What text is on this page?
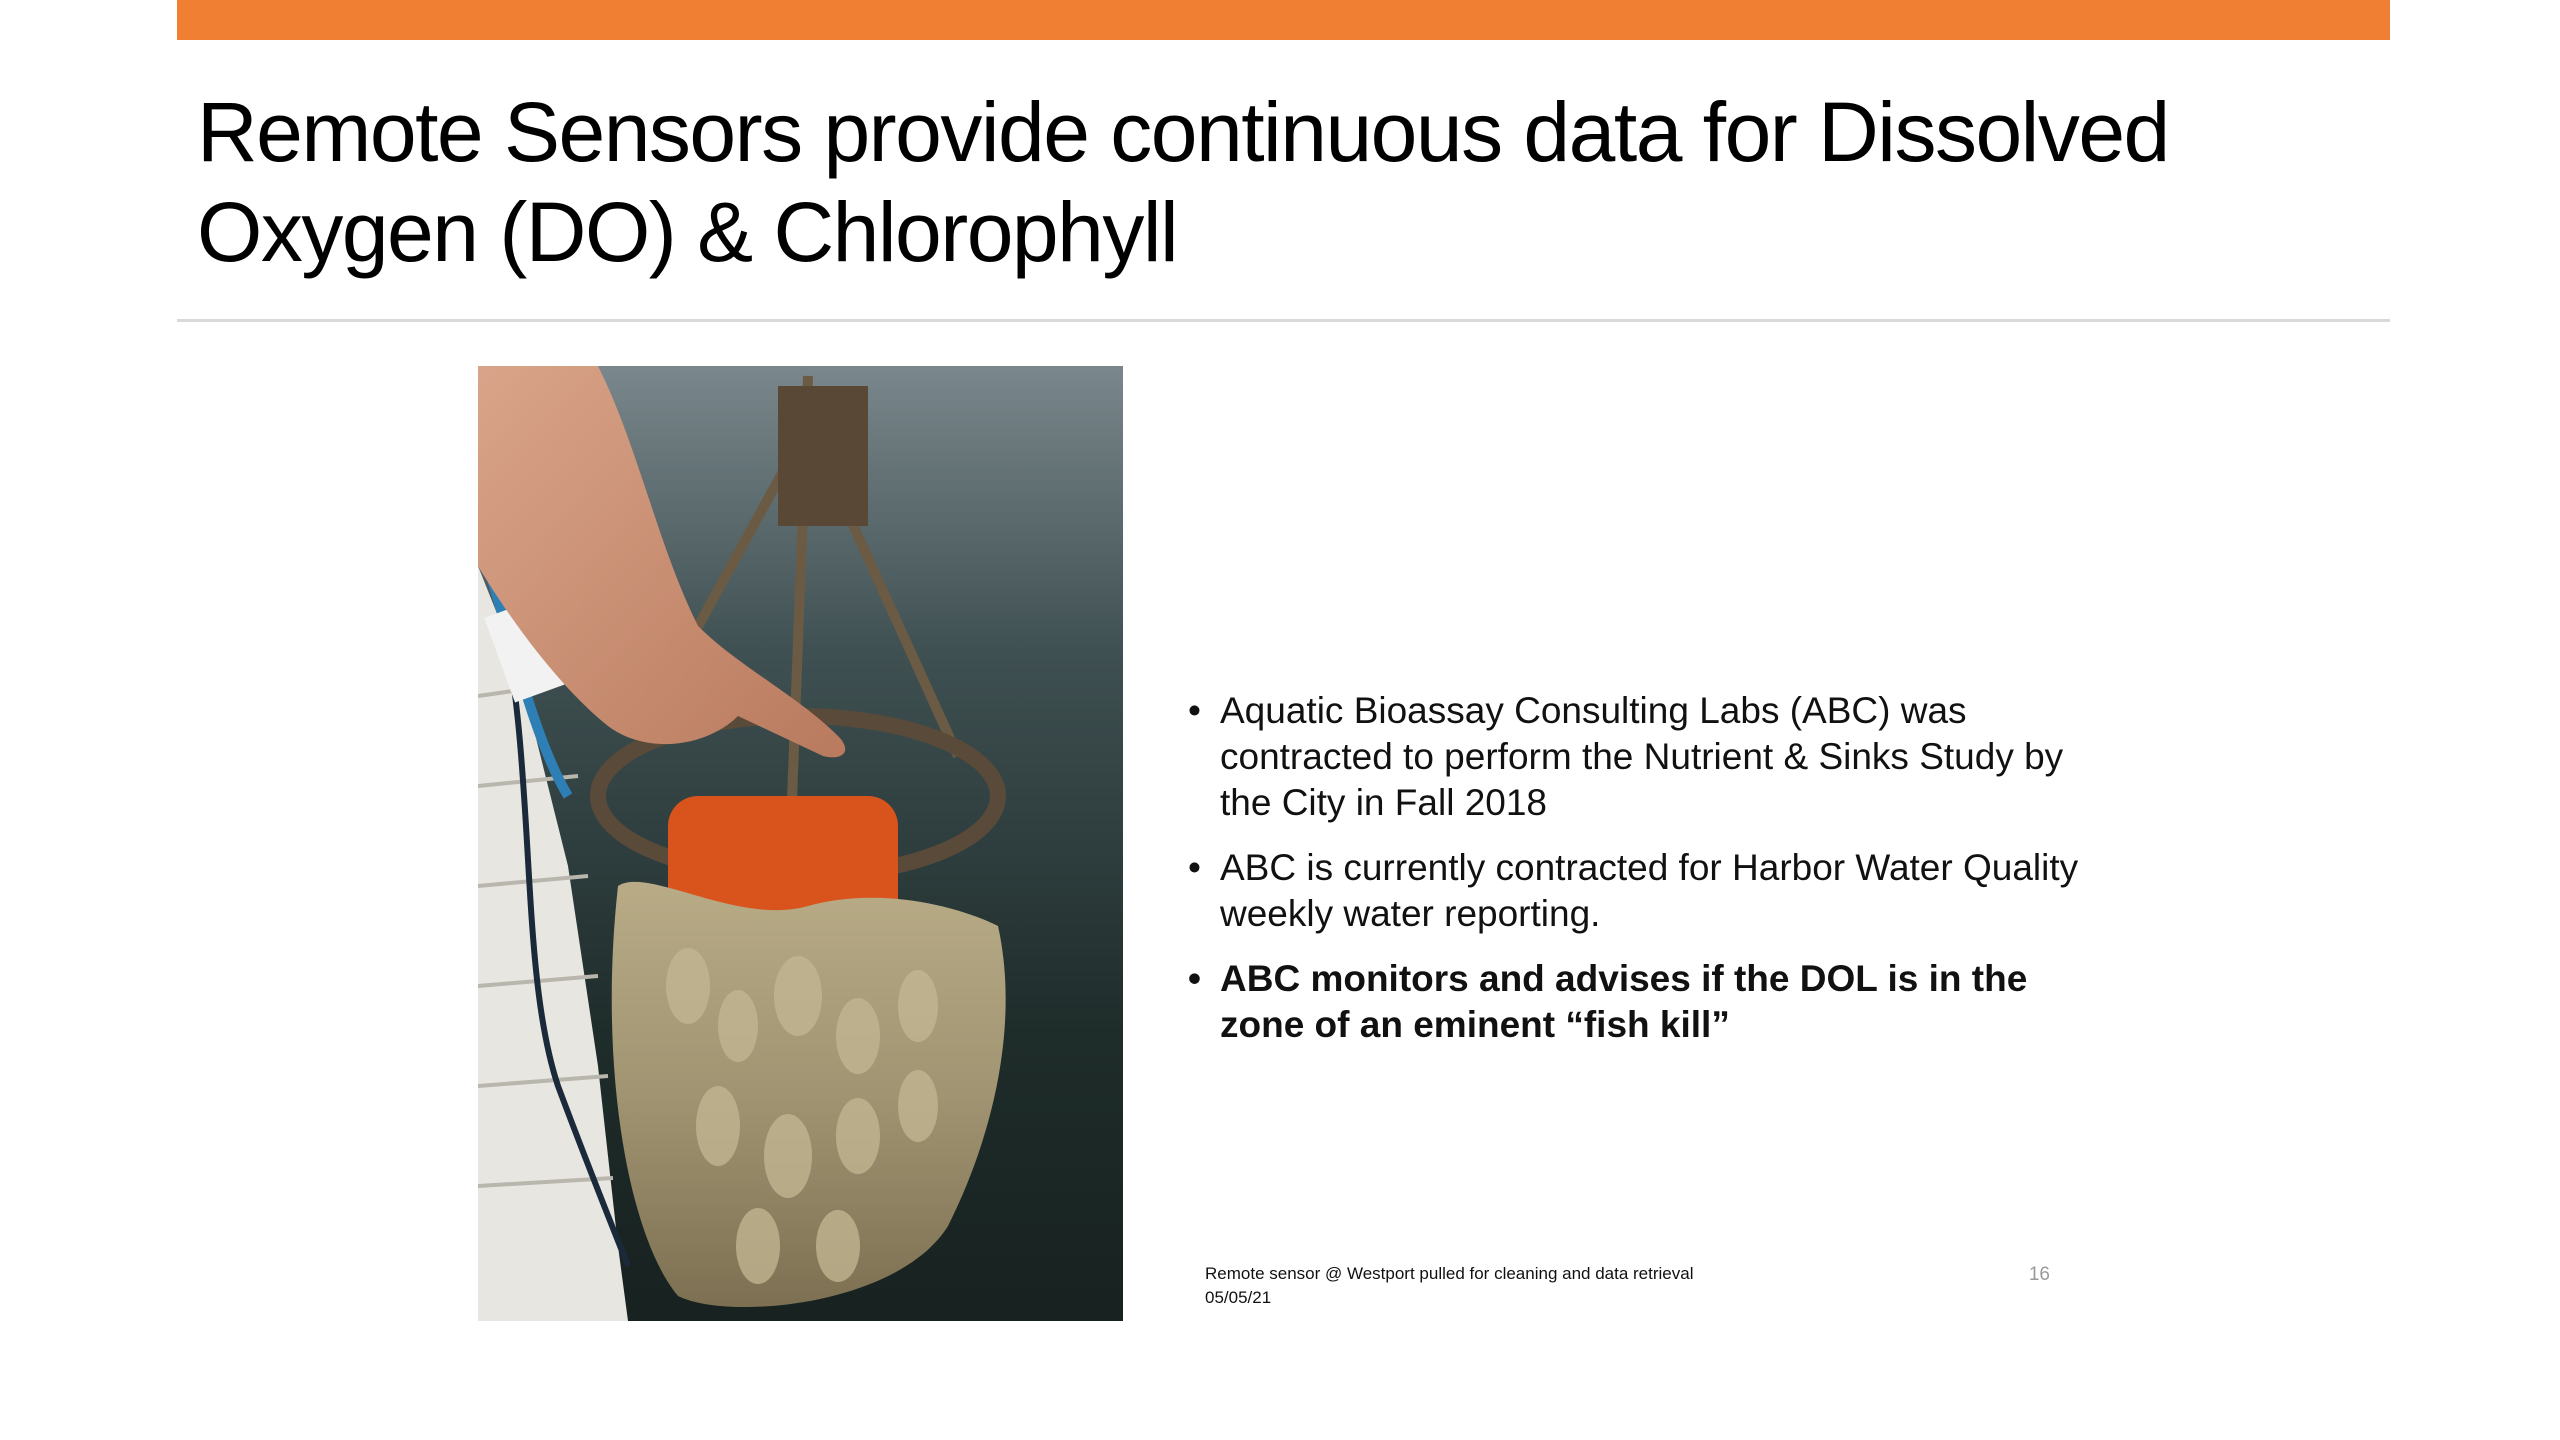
Remote Sensors provide continuous data for Dissolved
Oxygen (DO) & Chlorophyll
• Aquatic Bioassay Consulting Labs (ABC) was contracted to perform the Nutrient & Sinks Study by the City in Fall 2018
• ABC is currently contracted for Harbor Water Quality weekly water reporting.
• ABC monitors and advises if the DOL is in the zone of an eminent “fish kill”
Remote sensor @ Westport pulled for cleaning and data retrieval
05/05/21
16
